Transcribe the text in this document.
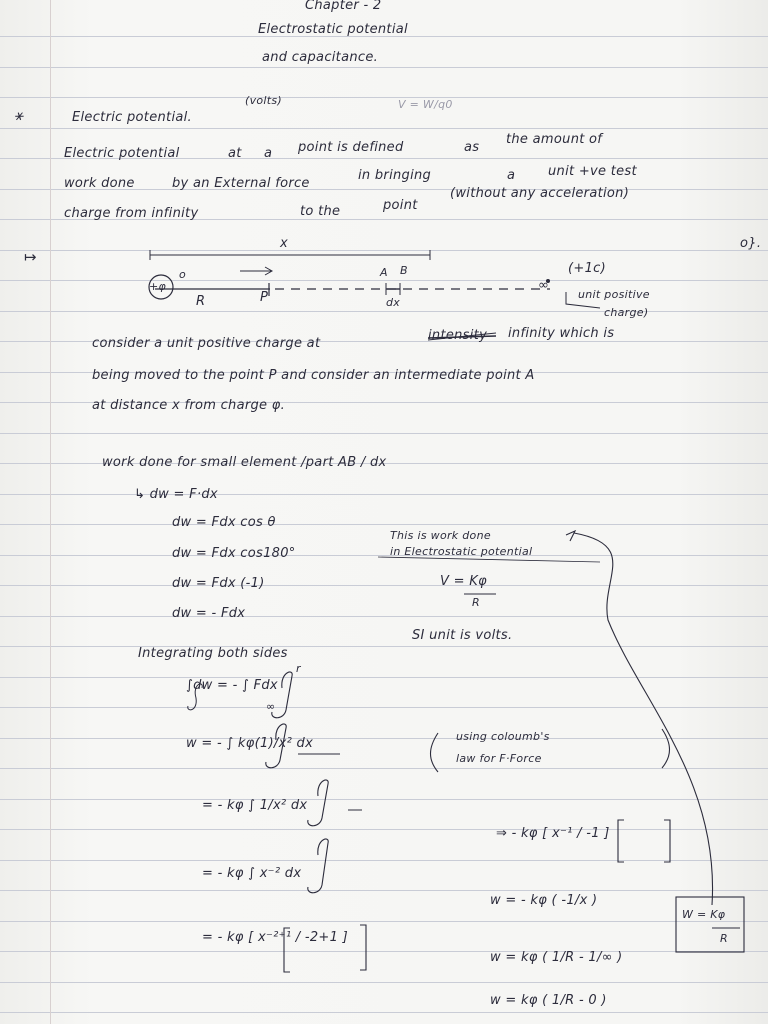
Chapter - 2
Electrostatic potential
and capacitance.
⚹	Electric potential.
(volts)	V = W/q0
Electric potential	at a point is defined	as
the amount of
work done	by an External force
in bringing	a	unit +ve test
charge from infinity	to the	point
(without any acceleration)
↦
x
+φ
o
R	P
A B
dx
∞
(+1c)
unit positive
charge)
o}.
consider a unit positive charge at
intensity infinity which is
being moved to the point P and consider an intermediate point A
at distance x from charge φ.
work done for small element /part AB / dx
↳ dw = F·dx
dw = Fdx cos θ
dw = Fdx cos180°
dw = Fdx (-1)
dw = - Fdx
Integrating both sides
∫dw = - ∫ Fdx
r
∞
w = - ∫ kφ(1)/x² dx
= - kφ ∫ 1/x² dx
= - kφ ∫ x⁻² dx
= - kφ [ x⁻²⁺¹ / -2+1 ]
This is work done
in Electrostatic potential
V = Kφ
R
SI unit is volts.
using coloumb's
law for F·Force
⇒ - kφ [ x⁻¹ / -1 ]
w = - kφ ( -1/x )
w = kφ ( 1/R - 1/∞ )
w = kφ ( 1/R - 0 )
W = Kφ
R
